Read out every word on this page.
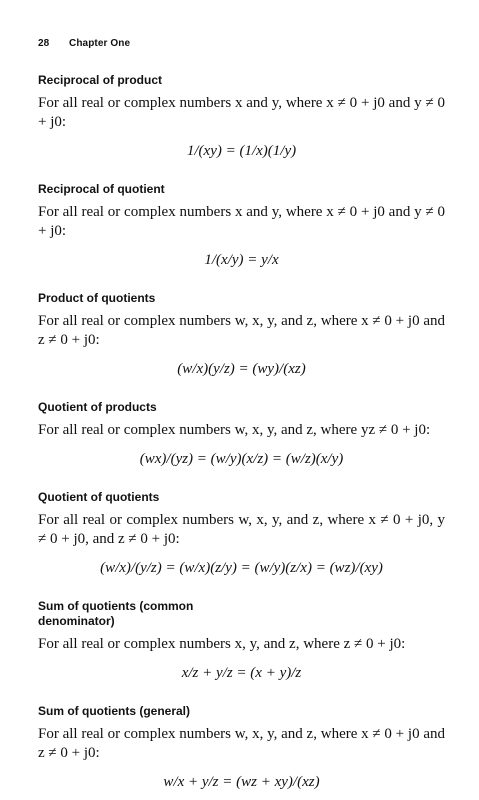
28 Chapter One
Reciprocal of product
For all real or complex numbers x and y, where x ≠ 0 + j0 and y ≠ 0 + j0:
1/(xy) = (1/x)(1/y)
Reciprocal of quotient
For all real or complex numbers x and y, where x ≠ 0 + j0 and y ≠ 0 + j0:
1/(x/y) = y/x
Product of quotients
For all real or complex numbers w, x, y, and z, where x ≠ 0 + j0 and z ≠ 0 + j0:
(w/x)(y/z) = (wy)/(xz)
Quotient of products
For all real or complex numbers w, x, y, and z, where yz ≠ 0 + j0:
(wx)/(yz) = (w/y)(x/z) = (w/z)(x/y)
Quotient of quotients
For all real or complex numbers w, x, y, and z, where x ≠ 0 + j0, y ≠ 0 + j0, and z ≠ 0 + j0:
(w/x)/(y/z) = (w/x)(z/y) = (w/y)(z/x) = (wz)/(xy)
Sum of quotients (common denominator)
For all real or complex numbers x, y, and z, where z ≠ 0 + j0:
x/z + y/z = (x + y)/z
Sum of quotients (general)
For all real or complex numbers w, x, y, and z, where x ≠ 0 + j0 and z ≠ 0 + j0:
w/x + y/z = (wz + xy)/(xz)
